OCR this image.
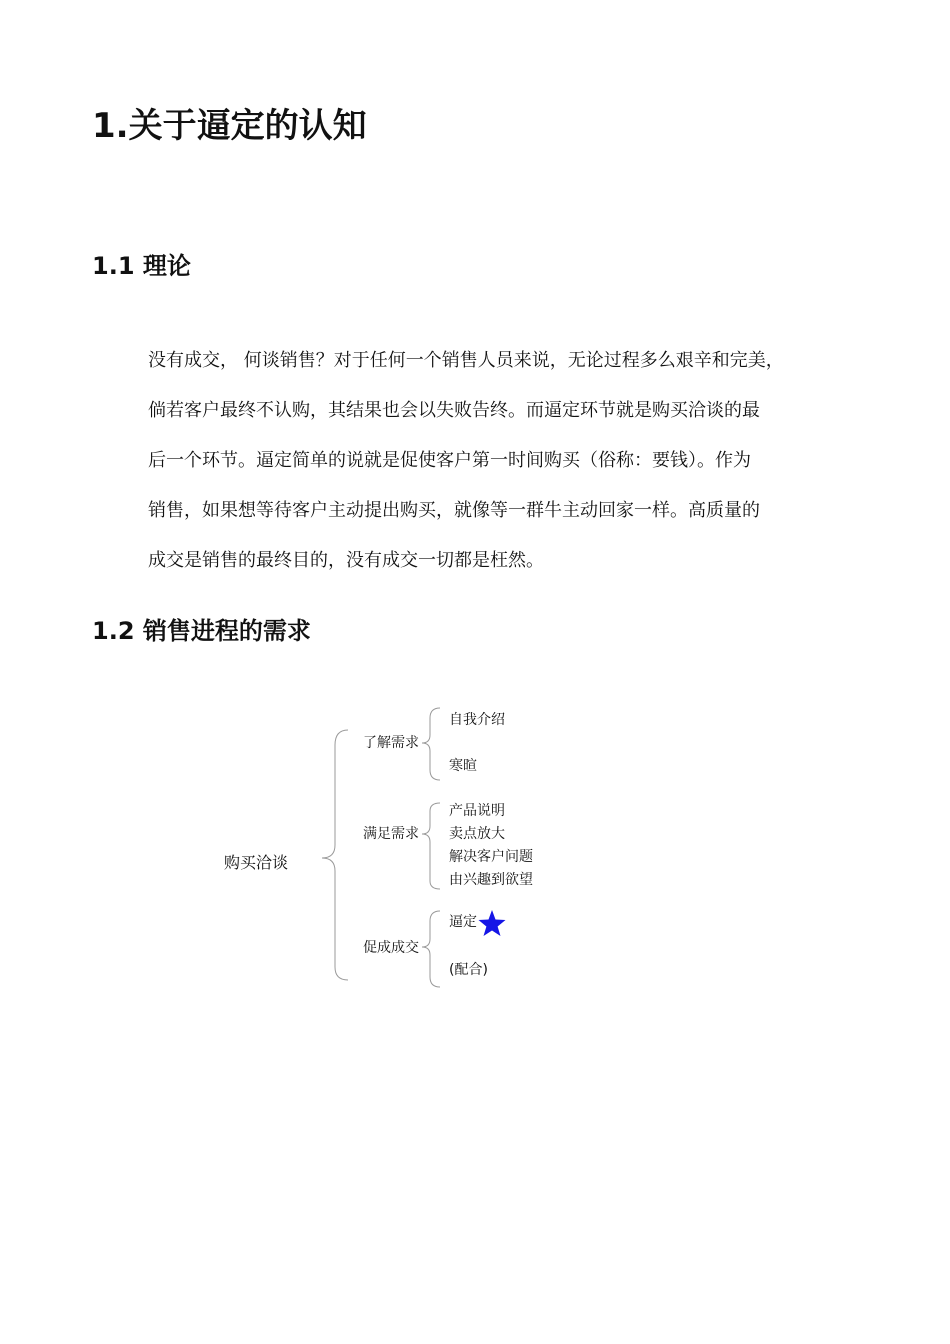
1.关于逼定的认知
1.1 理论
没有成交， 何谈销售？对于任何一个销售人员来说，无论过程多么艰辛和完美，
倘若客户最终不认购，其结果也会以失败告终。而逼定环节就是购买洽谈的最
后一个环节。逼定简单的说就是促使客户第一时间购买（俗称：要钱）。作为
销售，如果想等待客户主动提出购买，就像等一群牛主动回家一样。高质量的
成交是销售的最终目的，没有成交一切都是枉然。
1.2 销售进程的需求
购买洽谈
了解需求
自我介绍
寒暄
满足需求
产品说明
卖点放大
解决客户问题
由兴趣到欲望
促成成交
逼定
(配合)
